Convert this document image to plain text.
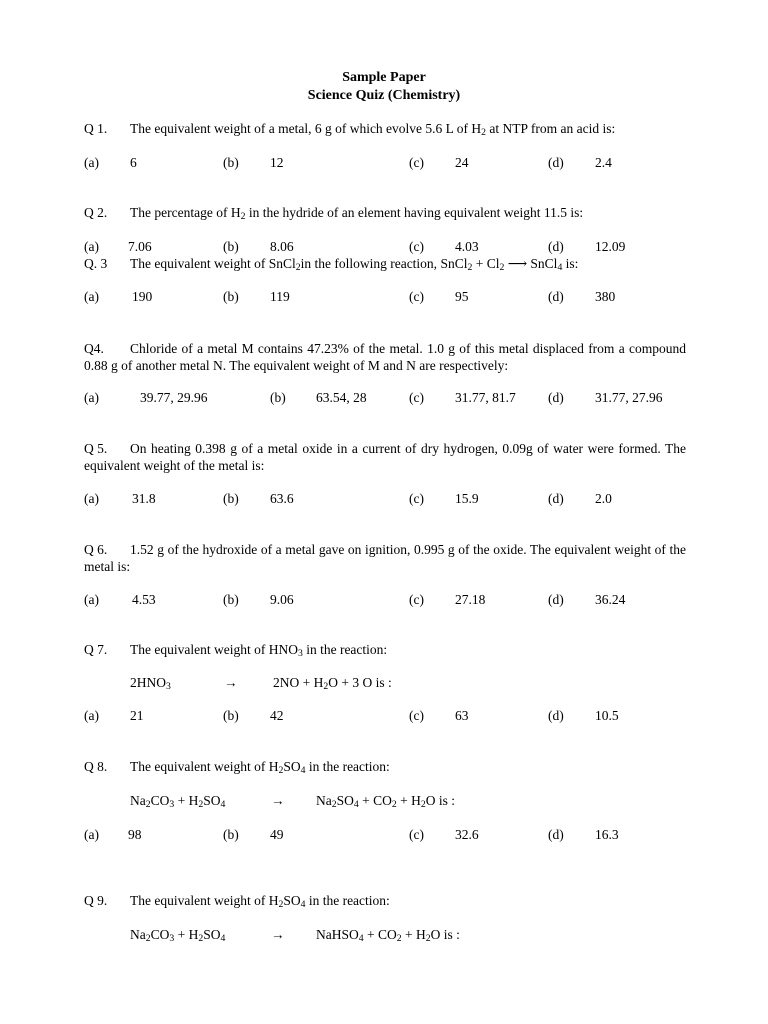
Sample Paper
Science Quiz (Chemistry)
Q 1. The equivalent weight of a metal, 6 g of which evolve 5.6 L of $H_2$ at NTP from an acid is:
(a) 6	(b) 12	(c) 24	(d) 2.4
Q 2. The percentage of $H_2$ in the hydride of an element having equivalent weight 11.5 is:
(a) 7.06	(b) 8.06	(c) 4.03	(d) 12.09
Q. 3 The equivalent weight of SnCl$_2$in the following reaction, SnCl$_2$ + $Cl_2$ ⟶ SnCl$_4$ is:
(a) 190	(b) 119	(c) 95	(d) 380
Q4. Chloride of a metal M contains 47.23% of the metal. 1.0 g of this metal displaced from a compound 0.88 g of another metal N. The equivalent weight of M and N are respectively:
(a)	39.77, 29.96	(b) 63.54, 28	(c) 31.77, 81.7 (d) 31.77, 27.96
Q 5. On heating 0.398 g of a metal oxide in a current of dry hydrogen, 0.09g of water were formed. The equivalent weight of the metal is:
(a) 31.8	(b) 63.6	(c) 15.9	(d) 2.0
Q 6. 1.52 g of the hydroxide of a metal gave on ignition, 0.995 g of the oxide. The equivalent weight of the metal is:
(a) 4.53	(b) 9.06	(c) 27.18	(d) 36.24
Q 7. The equivalent weight of $HNO_3$ in the reaction:
$2HNO_3$	→	$2NO + H_2O + 3$ O is :
(a) 21	(b) 42	(c) 63	(d) 10.5
Q 8. The equivalent weight of $H_2SO_4$ in the reaction:
$Na_2CO_3 + H_2SO_4$	→ $Na_2SO_4 + CO_2 + H_2O$ is :
(a) 98	(b) 49	(c) 32.6	(d) 16.3
Q 9. The equivalent weight of $H_2SO_4$ in the reaction:
$Na_2CO_3 + H_2SO_4$	→ NaHSO$_4$ + $CO_2 + H_2O$ is :
